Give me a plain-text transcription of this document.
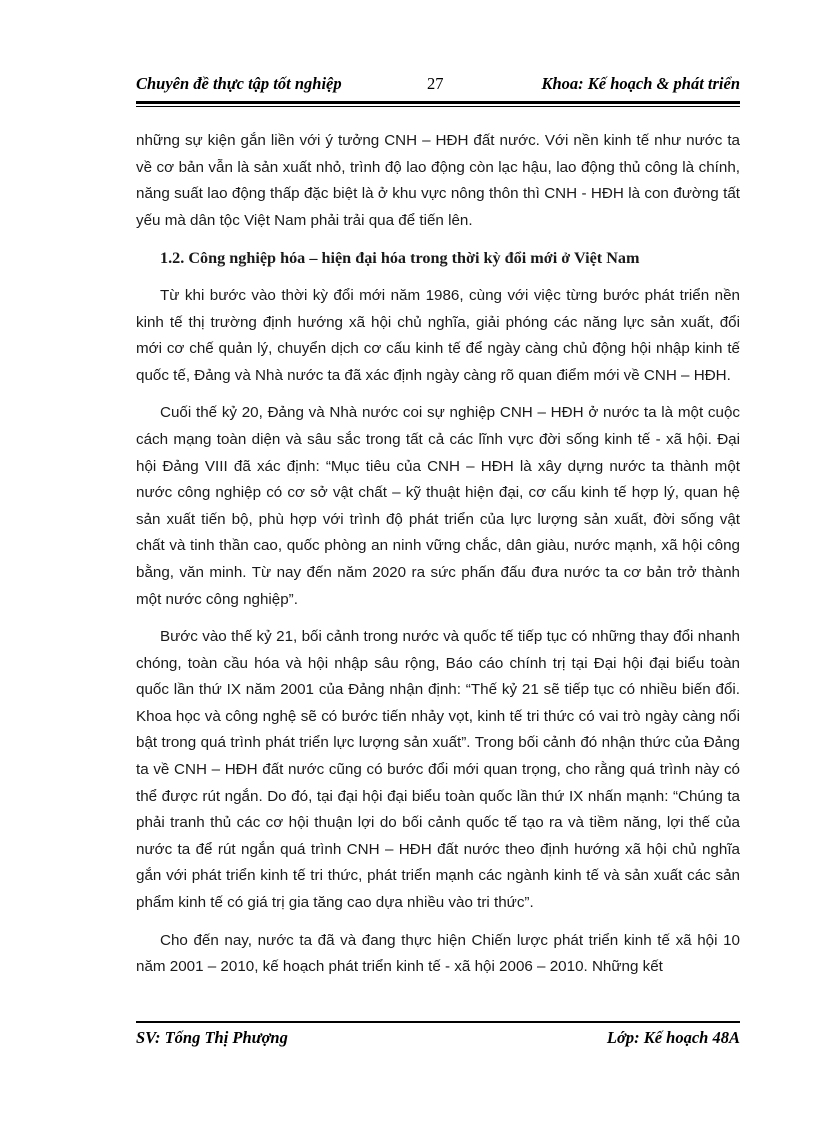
Chuyên đề thực tập tốt nghiệp	27	Khoa: Kế hoạch & phát triển

những sự kiện gắn liền với ý tưởng CNH – HĐH đất nước. Với nền kinh tế như nước ta về cơ bản vẫn là sản xuất nhỏ, trình độ lao động còn lạc hậu, lao động thủ công là chính, năng suất lao động thấp đặc biệt là ở khu vực nông thôn thì CNH - HĐH là con đường tất yếu mà dân tộc Việt Nam phải trải qua để tiến lên.

1.2. Công nghiệp hóa – hiện đại hóa trong thời kỳ đổi mới ở Việt Nam

Từ khi bước vào thời kỳ đổi mới năm 1986, cùng với việc từng bước phát triển nền kinh tế thị trường định hướng xã hội chủ nghĩa, giải phóng các năng lực sản xuất, đổi mới cơ chế quản lý, chuyển dịch cơ cấu kinh tế để ngày càng chủ động hội nhập kinh tế quốc tế, Đảng và Nhà nước ta đã xác định ngày càng rõ quan điểm mới về CNH – HĐH.

Cuối thế kỷ 20, Đảng và Nhà nước coi sự nghiệp CNH – HĐH ở nước ta là một cuộc cách mạng toàn diện và sâu sắc trong tất cả các lĩnh vực đời sống kinh tế - xã hội. Đại hội Đảng VIII đã xác định: “Mục tiêu của CNH – HĐH là xây dựng nước ta thành một nước công nghiệp có cơ sở vật chất – kỹ thuật hiện đại, cơ cấu kinh tế hợp lý, quan hệ sản xuất tiến bộ, phù hợp với trình độ phát triển của lực lượng sản xuất, đời sống vật chất và tinh thần cao, quốc phòng an ninh vững chắc, dân giàu, nước mạnh, xã hội công bằng, văn minh. Từ nay đến năm 2020 ra sức phấn đấu đưa nước ta cơ bản trở thành một nước công nghiệp”.

Bước vào thế kỷ 21, bối cảnh trong nước và quốc tế tiếp tục có những thay đổi nhanh chóng, toàn cầu hóa và hội nhập sâu rộng, Báo cáo chính trị tại Đại hội đại biểu toàn quốc lần thứ IX năm 2001 của Đảng nhận định: “Thế kỷ 21 sẽ tiếp tục có nhiều biến đổi. Khoa học và công nghệ sẽ có bước tiến nhảy vọt, kinh tế tri thức có vai trò ngày càng nổi bật trong quá trình phát triển lực lượng sản xuất”. Trong bối cảnh đó nhận thức của Đảng ta về CNH – HĐH đất nước cũng có bước đổi mới quan trọng, cho rằng quá trình này có thể được rút ngắn. Do đó, tại đại hội đại biểu toàn quốc lần thứ IX nhấn mạnh: “Chúng ta phải tranh thủ các cơ hội thuận lợi do bối cảnh quốc tế tạo ra và tiềm năng, lợi thế của nước ta để rút ngắn quá trình CNH – HĐH đất nước theo định hướng xã hội chủ nghĩa gắn với phát triển kinh tế tri thức, phát triển mạnh các ngành kinh tế và sản xuất các sản phẩm kinh tế có giá trị gia tăng cao dựa nhiều vào tri thức”.

Cho đến nay, nước ta đã và đang thực hiện Chiến lược phát triển kinh tế xã hội 10 năm 2001 – 2010, kế hoạch phát triển kinh tế - xã hội 2006 – 2010. Những kết

SV: Tống Thị Phượng	Lớp: Kế hoạch 48A
